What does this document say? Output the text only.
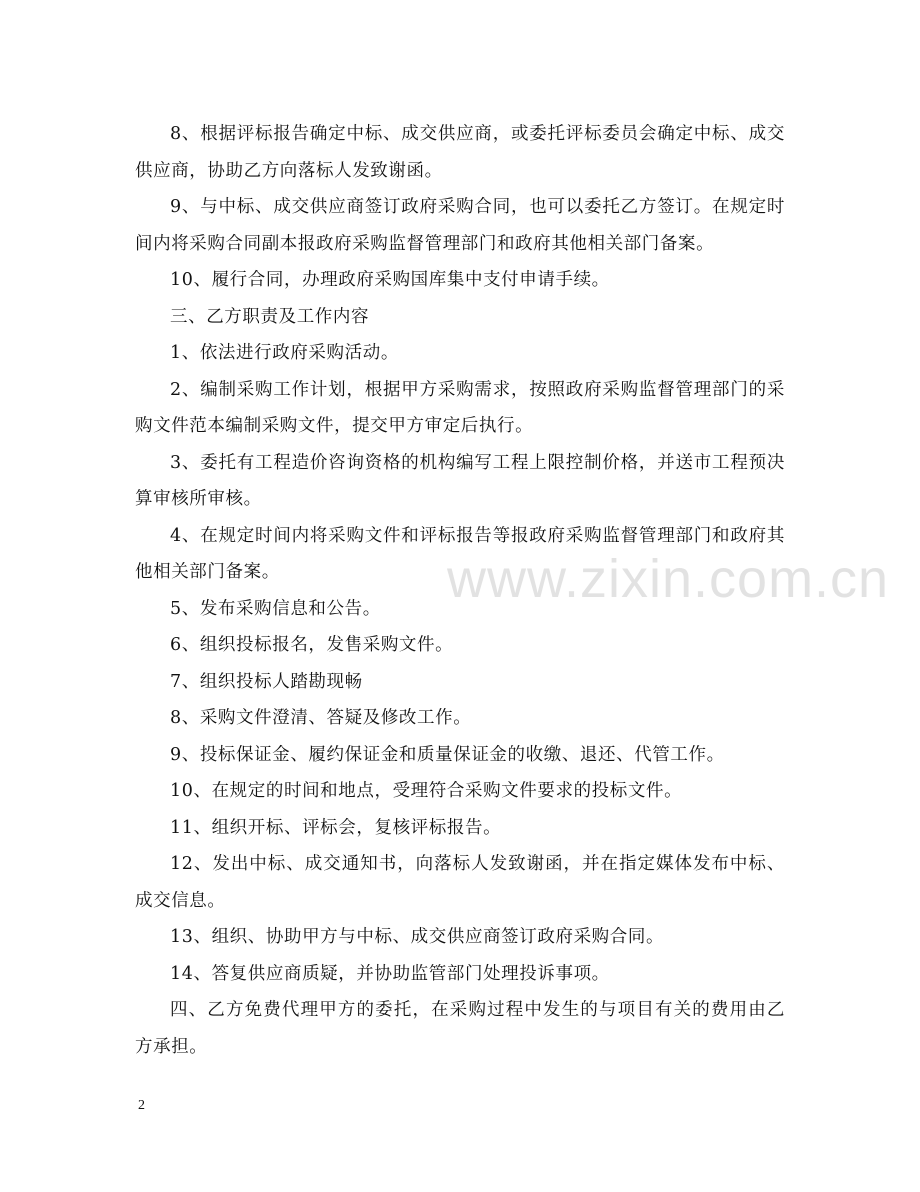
8、根据评标报告确定中标、成交供应商，或委托评标委员会确定中标、成交供应商，协助乙方向落标人发致谢函。

9、与中标、成交供应商签订政府采购合同，也可以委托乙方签订。在规定时间内将采购合同副本报政府采购监督管理部门和政府其他相关部门备案。

10、履行合同，办理政府采购国库集中支付申请手续。

三、乙方职责及工作内容

1、依法进行政府采购活动。

2、编制采购工作计划，根据甲方采购需求，按照政府采购监督管理部门的采购文件范本编制采购文件，提交甲方审定后执行。

3、委托有工程造价咨询资格的机构编写工程上限控制价格，并送市工程预决算审核所审核。

4、在规定时间内将采购文件和评标报告等报政府采购监督管理部门和政府其他相关部门备案。

5、发布采购信息和公告。

6、组织投标报名，发售采购文件。

7、组织投标人踏勘现畅

8、采购文件澄清、答疑及修改工作。

9、投标保证金、履约保证金和质量保证金的收缴、退还、代管工作。

10、在规定的时间和地点，受理符合采购文件要求的投标文件。

11、组织开标、评标会，复核评标报告。

12、发出中标、成交通知书，向落标人发致谢函，并在指定媒体发布中标、成交信息。

13、组织、协助甲方与中标、成交供应商签订政府采购合同。

14、答复供应商质疑，并协助监管部门处理投诉事项。

四、乙方免费代理甲方的委托，在采购过程中发生的与项目有关的费用由乙方承担。

www.zixin.com.cn
2
